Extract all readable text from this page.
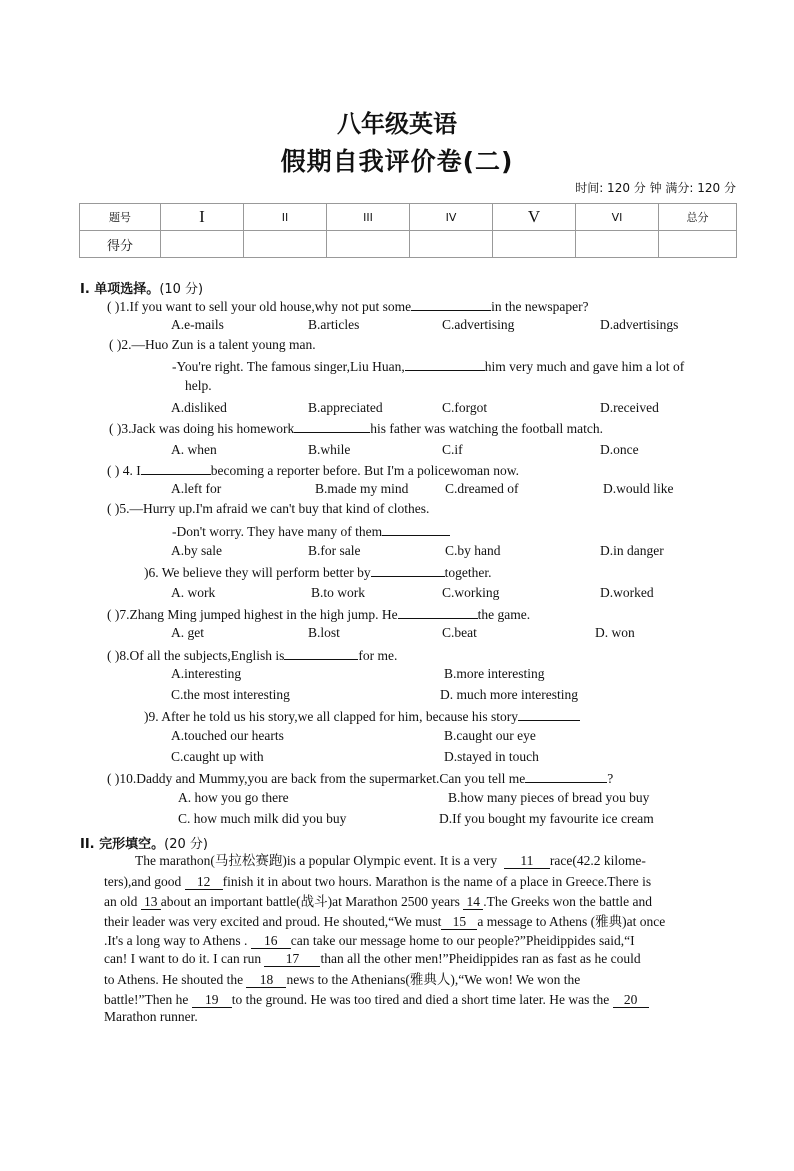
八年级英语
假期自我评价卷(二)
时间: 120 分 钟 满分: 120 分
题号	I	II	III	IV	V	VI	总分
得分							
I. 单项选择。(10 分)
( )1.If you want to sell your old house,why not put some	in the newspaper?
A.e-mails	B.articles	C.advertising	D.advertisings
( )2.—Huo Zun is a talent young man.
-You're right. The famous singer,Liu Huan,	him very much and gave him a lot of
help.
A.disliked	B.appreciated	C.forgot	D.received
( )3.Jack was doing his homework	his father was watching the football match.
A. when	B.while	C.if	D.once
( ) 4. I	becoming a reporter before. But I'm a policewoman now.
A.left for	B.made my mind	C.dreamed of	D.would like
( )5.—Hurry up.I'm afraid we can't buy that kind of clothes.
-Don't worry. They have many of them
A.by sale	B.for sale	C.by hand	D.in danger
)6. We believe they will perform better by	together.
A. work	B.to work	C.working	D.worked
( )7.Zhang Ming jumped highest in the high jump. He	the game.
A. get	B.lost	C.beat	D. won
( )8.Of all the subjects,English is	for me.
A.interesting	B.more interesting
C.the most interesting	D. much more interesting
)9. After he told us his story,we all clapped for him, because his story
A.touched our hearts	B.caught our eye
C.caught up with	D.stayed in touch
( )10.Daddy and Mummy,you are back from the supermarket.Can you tell me	?
A. how you go there	B.how many pieces of bread you buy
C. how much milk did you buy	D.If you bought my favourite ice cream
II. 完形填空。(20 分)
The marathon(马拉松赛跑)is a popular Olympic event. It is a very 11 race(42.2 kilome-
ters),and good 12 finish it in about two hours. Marathon is the name of a place in Greece.There is
an old 13 about an important battle(战斗)at Marathon 2500 years 14 .The Greeks won the battle and
their leader was very excited and proud. He shouted,“We must 15 a message to Athens (雅典)at once
.It's a long way to Athens . 16 can take our message home to our people?”Pheidippides said,“I
can! I want to do it. I can run 17 than all the other men!”Pheidippides ran as fast as he could
to Athens. He shouted the 18 news to the Athenians(雅典人),“We won! We won the
battle!”Then he 19 to the ground. He was too tired and died a short time later. He was the 20
Marathon runner.
